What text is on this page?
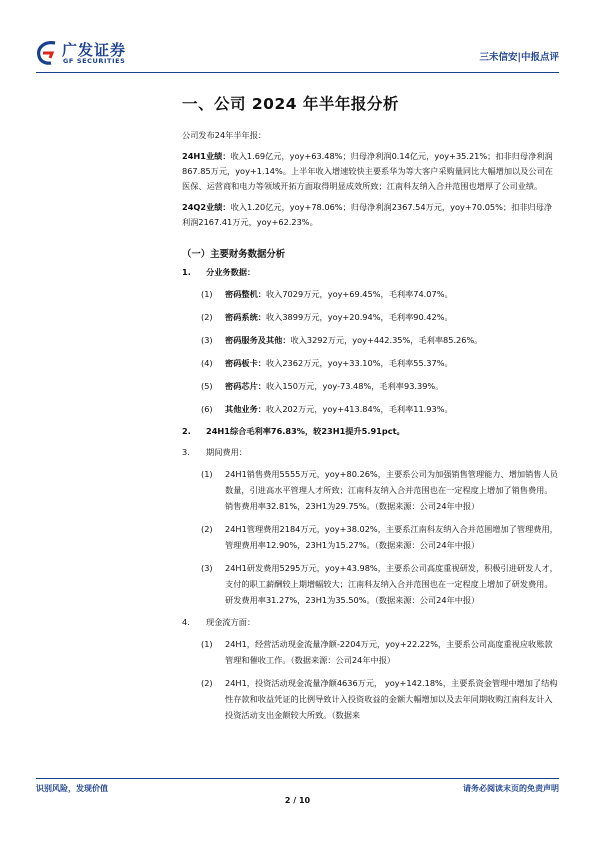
广发证券
GF SECURITIES	三未信安|中报点评
一、公司 2024 年半年报分析

公司发布24年半年报：

24H1业绩：收入1.69亿元，yoy+63.48%；归母净利润0.14亿元，yoy+35.21%；扣非归母净利润867.85万元，yoy+1.14%。上半年收入增速较快主要系华为等大客户采购量同比大幅增加以及公司在医保、运营商和电力等领域开拓方面取得明显成效所致；江南科友纳入合并范围也增厚了公司业绩。

24Q2业绩：收入1.20亿元，yoy+78.06%；归母净利润2367.54万元，yoy+70.05%；扣非归母净利润2167.41万元，yoy+62.23%。

（一）主要财务数据分析
1. 分业务数据：
(1) 密码整机：收入7029万元，yoy+69.45%，毛利率74.07%。
(2) 密码系统：收入3899万元，yoy+20.94%，毛利率90.42%。
(3) 密码服务及其他：收入3292万元，yoy+442.35%，毛利率85.26%。
(4) 密码板卡：收入2362万元，yoy+33.10%，毛利率55.37%。
(5) 密码芯片：收入150万元，yoy-73.48%，毛利率93.39%。
(6) 其他业务：收入202万元，yoy+413.84%，毛利率11.93%。
2. 24H1综合毛利率76.83%，较23H1提升5.91pct。
3. 期间费用：
(1) 24H1销售费用5555万元，yoy+80.26%，主要系公司为加强销售管理能力、增加销售人员数量，引进高水平管理人才所致；江南科友纳入合并范围也在一定程度上增加了销售费用。销售费用率32.81%，23H1为29.75%。（数据来源：公司24年中报）
(2) 24H1管理费用2184万元，yoy+38.02%，主要系江南科友纳入合并范围增加了管理费用，管理费用率12.90%，23H1为15.27%。（数据来源：公司24年中报）
(3) 24H1研发费用5295万元，yoy+43.98%，主要系公司高度重视研发，积极引进研发人才，支付的职工薪酬较上期增幅较大；江南科友纳入合并范围也在一定程度上增加了研发费用。研发费用率31.27%，23H1为35.50%。（数据来源：公司24年中报）
4. 现金流方面：
(1) 24H1，经营活动现金流量净额-2204万元，yoy+22.22%，主要系公司高度重视应收账款管理和催收工作。（数据来源：公司24年中报）
(2) 24H1，投资活动现金流量净额4636万元， yoy+142.18%，主要系资金管理中增加了结构性存款和收益凭证的比例导致计入投资收益的金额大幅增加以及去年同期收购江南科友计入投资活动支出金额较大所致。（数据来
识别风险，发现价值	请务必阅读末页的免责声明
2 / 10
